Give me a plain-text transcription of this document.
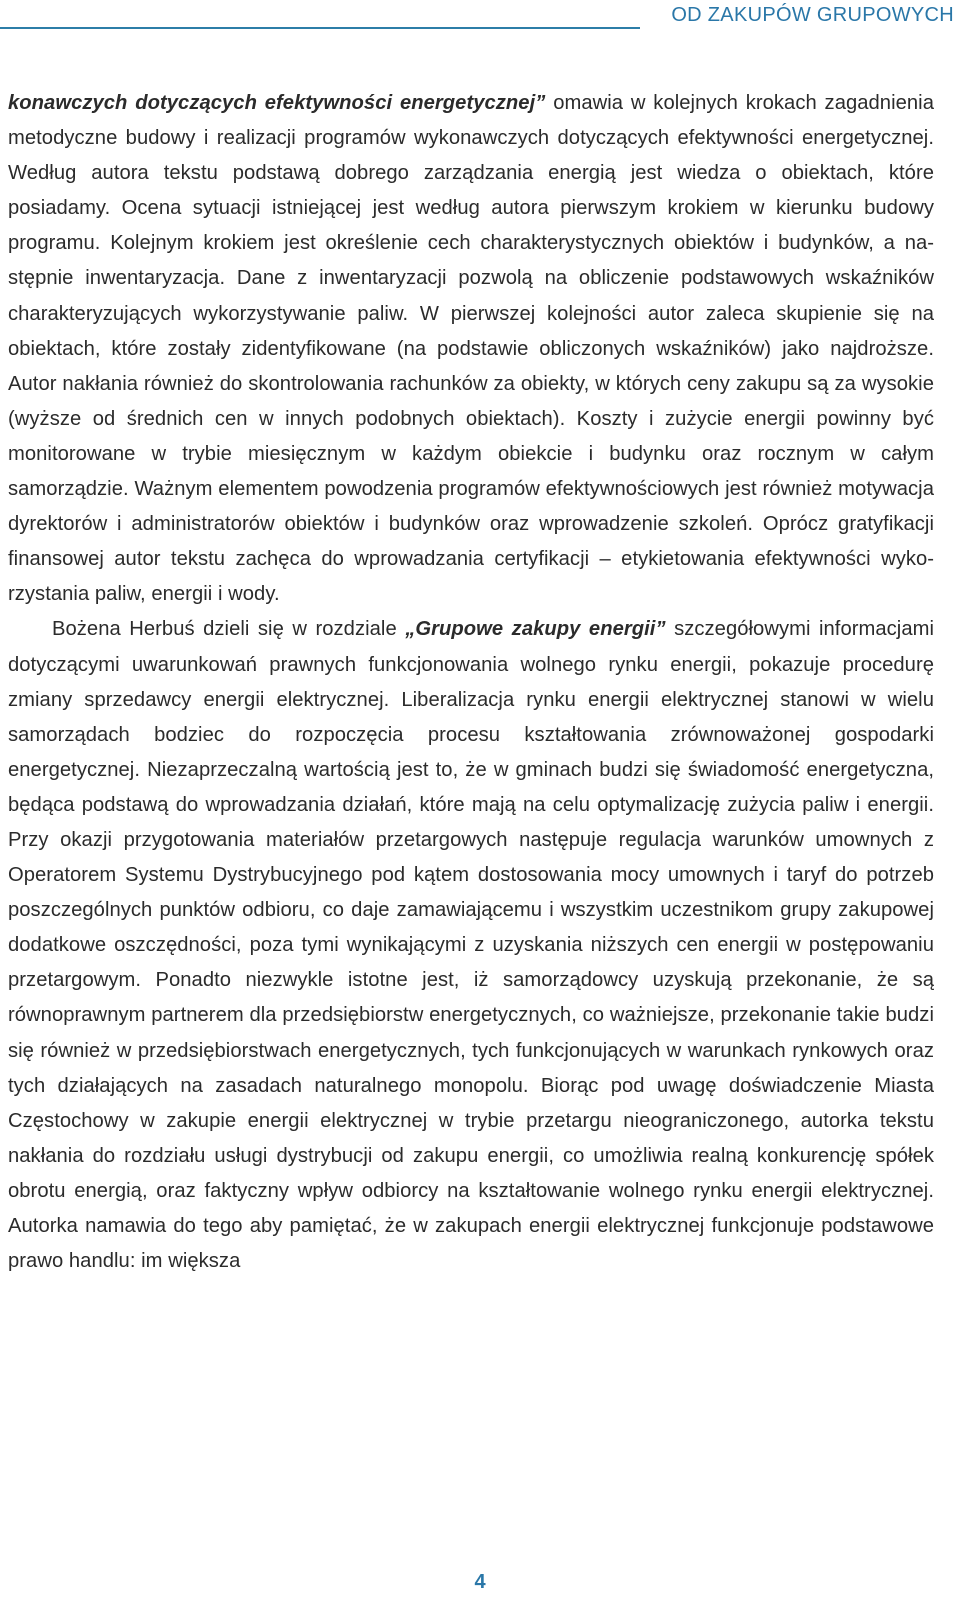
OD ZAKUPÓW GRUPOWYCH

konawczych dotyczących efektywności energetycznej” omawia w kolejnych krokach zagadnienia metodyczne budowy i realizacji programów wykonawczych dotyczących efektywności energetycznej. Według autora tekstu podstawą dobrego zarządzania energią jest wiedza o obiektach, które posiadamy. Ocena sytuacji istniejącej jest według autora pierwszym krokiem w kierunku budowy programu. Kolejnym krokiem jest określenie cech charakterystycznych obiektów i budynków, a następnie inwentaryzacja. Dane z inwentaryzacji pozwolą na obliczenie podstawowych wskaźników charakteryzujących wykorzystywanie paliw. W pierwszej kolejności autor zaleca skupienie się na obiektach, które zostały zidentyfikowane (na podstawie obliczonych wskaźników) jako najdroższe. Autor nakłania również do skontrolowania rachunków za obiekty, w których ceny zakupu są za wysokie (wyższe od średnich cen w innych podobnych obiektach). Koszty i zużycie energii powinny być monitorowane w trybie miesięcznym w każdym obiekcie i budynku oraz rocznym w całym samorządzie. Ważnym elementem powodzenia programów efektywnościowych jest również motywacja dyrektorów i administratorów obiektów i budynków oraz wprowadzenie szkoleń. Oprócz gratyfikacji finansowej autor tekstu zachęca do wprowadzania certyfikacji – etykietowania efektywności wykorzystania paliw, energii i wody.

Bożena Herbuś dzieli się w rozdziale „Grupowe zakupy energii” szczegółowymi informacjami dotyczącymi uwarunkowań prawnych funkcjonowania wolnego rynku energii, pokazuje procedurę zmiany sprzedawcy energii elektrycznej. Liberalizacja rynku energii elektrycznej stanowi w wielu samorządach bodziec do rozpoczęcia procesu kształtowania zrównoważonej gospodarki energetycznej. Niezaprzeczalną wartością jest to, że w gminach budzi się świadomość energetyczna, będąca podstawą do wprowadzania działań, które mają na celu optymalizację zużycia paliw i energii. Przy okazji przygotowania materiałów przetargowych następuje regulacja warunków umownych z Operatorem Systemu Dystrybucyjnego pod kątem dostosowania mocy umownych i taryf do potrzeb poszczególnych punktów odbioru, co daje zamawiającemu i wszystkim uczestnikom grupy zakupowej dodatkowe oszczędności, poza tymi wynikającymi z uzyskania niższych cen energii w postępowaniu przetargowym. Ponadto niezwykle istotne jest, iż samorządowcy uzyskują przekonanie, że są równoprawnym partnerem dla przedsiębiorstw energetycznych, co ważniejsze, przekonanie takie budzi się również w przedsiębiorstwach energetycznych, tych funkcjonujących w warunkach rynkowych oraz tych działających na zasadach naturalnego monopolu. Biorąc pod uwagę doświadczenie Miasta Częstochowy w zakupie energii elektrycznej w trybie przetargu nieograniczonego, autorka tekstu nakłania do rozdziału usługi dystrybucji od zakupu energii, co umożliwia realną konkurencję spółek obrotu energią, oraz faktyczny wpływ odbiorcy na kształtowanie wolnego rynku energii elektrycznej. Autorka namawia do tego aby pamiętać, że w zakupach energii elektrycznej funkcjonuje podstawowe prawo handlu: im większa

4
